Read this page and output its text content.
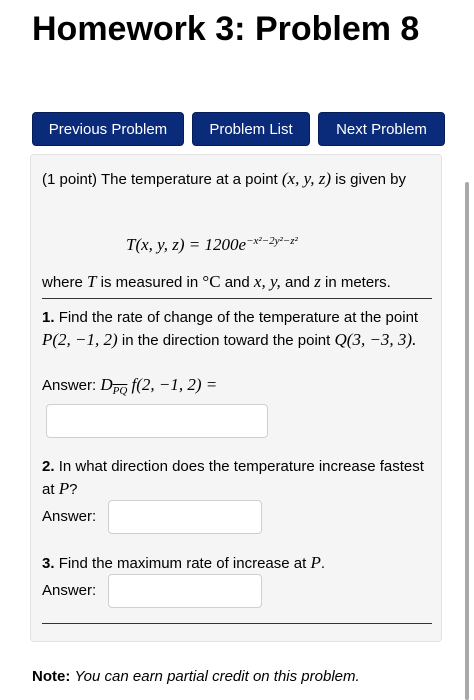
Homework 3: Problem 8
Previous Problem	Problem List	Next Problem
(1 point) The temperature at a point (x, y, z) is given by
T(x, y, $z) = 1200e^{-x^2-2y^2-z^2}$
where T is measured in °C and x, y, and z in meters.
1. Find the rate of change of the temperature at the point P(2, −1, 2) in the direction toward the point Q(3, −3, 3).
Answer: $D_{\overline{PQ}}$ f(2, −1, 2) =
2. In what direction does the temperature increase fastest at P?
Answer:
3. Find the maximum rate of increase at P.
Answer:
Note: You can earn partial credit on this problem.
